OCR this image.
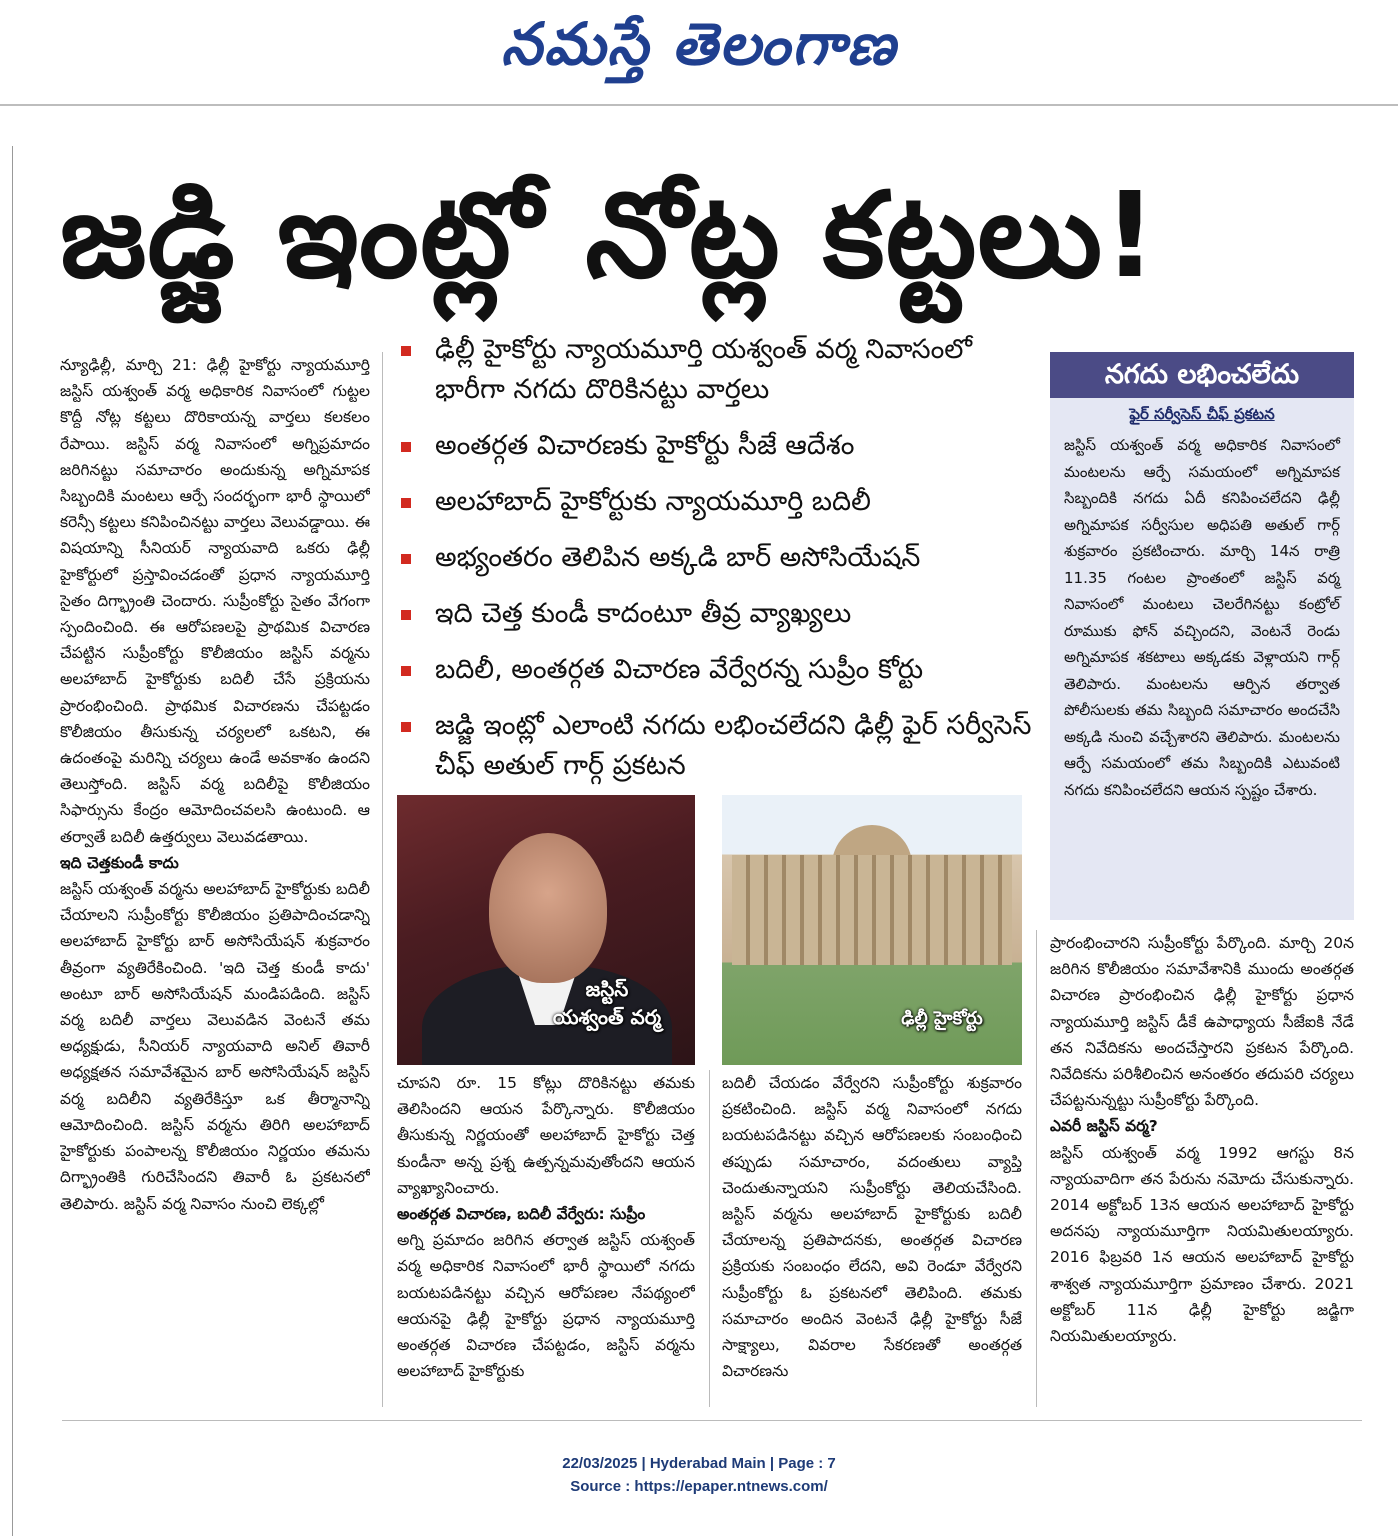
నమస్తే తెలంగాణ
జడ్జి ఇంట్లో నోట్ల కట్టలు!

న్యూఢిల్లీ, మార్చి 21: ఢిల్లీ హైకోర్టు న్యాయమూర్తి జస్టిస్ యశ్వంత్ వర్మ అధికారిక నివాసంలో గుట్టల కొద్దీ నోట్ల కట్టలు దొరికాయన్న వార్తలు కలకలం రేపాయి. జస్టిస్ వర్మ నివాసంలో అగ్నిప్రమాదం జరిగినట్టు సమాచారం అందుకున్న అగ్నిమాపక సిబ్బందికి మంటలు ఆర్పే సందర్భంగా భారీ స్థాయిలో కరెన్సీ కట్టలు కనిపించినట్టు వార్తలు వెలువడ్డాయి. ఈ విషయాన్ని సీనియర్ న్యాయవాది ఒకరు ఢిల్లీ హైకోర్టులో ప్రస్తావించడంతో ప్రధాన న్యాయమూర్తి సైతం దిగ్భ్రాంతి చెందారు. సుప్రీంకోర్టు సైతం వేగంగా స్పందించింది. ఈ ఆరోపణలపై ప్రాథమిక విచారణ చేపట్టిన సుప్రీంకోర్టు కొలీజియం జస్టిస్ వర్మను అలహాబాద్ హైకోర్టుకు బదిలీ చేసే ప్రక్రియను ప్రారంభించింది. ప్రాథమిక విచారణను చేపట్టడం కొలీజియం తీసుకున్న చర్యలలో ఒకటని, ఈ ఉదంతంపై మరిన్ని చర్యలు ఉండే అవకాశం ఉందని తెలుస్తోంది. జస్టిస్ వర్మ బదిలీపై కొలీజియం సిఫార్సును కేంద్రం ఆమోదించవలసి ఉంటుంది. ఆ తర్వాతే బదిలీ ఉత్తర్వులు వెలువడతాయి.

ఇది చెత్తకుండీ కాదు

జస్టిస్ యశ్వంత్ వర్మను అలహాబాద్ హైకోర్టుకు బదిలీ చేయాలని సుప్రీంకోర్టు కొలీజియం ప్రతిపాదించడాన్ని అలహాబాద్ హైకోర్టు బార్ అసోసియేషన్ శుక్రవారం తీవ్రంగా వ్యతిరేకించింది. 'ఇది చెత్త కుండీ కాదు' అంటూ బార్ అసోసియేషన్ మండిపడింది. జస్టిస్ వర్మ బదిలీ వార్తలు వెలువడిన వెంటనే తమ అధ్యక్షుడు, సీనియర్ న్యాయవాది అనిల్ తివారీ అధ్యక్షతన సమావేశమైన బార్ అసోసియేషన్ జస్టిస్ వర్మ బదిలీని వ్యతిరేకిస్తూ ఒక తీర్మానాన్ని ఆమోదించింది. జస్టిస్ వర్మను తిరిగి అలహాబాద్ హైకోర్టుకు పంపాలన్న కొలీజియం నిర్ణయం తమను దిగ్భ్రాంతికి గురిచేసిందని తివారీ ఓ ప్రకటనలో తెలిపారు. జస్టిస్ వర్మ నివాసం నుంచి లెక్కల్లో

ఢిల్లీ హైకోర్టు న్యాయమూర్తి యశ్వంత్ వర్మ నివాసంలో భారీగా నగదు దొరికినట్టు వార్తలు
అంతర్గత విచారణకు హైకోర్టు సీజే ఆదేశం
అలహాబాద్ హైకోర్టుకు న్యాయమూర్తి బదిలీ
అభ్యంతరం తెలిపిన అక్కడి బార్ అసోసియేషన్
ఇది చెత్త కుండీ కాదంటూ తీవ్ర వ్యాఖ్యలు
బదిలీ, అంతర్గత విచారణ వేర్వేరన్న సుప్రీం కోర్టు
జడ్జి ఇంట్లో ఎలాంటి నగదు లభించలేదని ఢిల్లీ ఫైర్ సర్వీసెస్ చీఫ్ అతుల్ గార్గ్ ప్రకటన
జస్టిస్
యశ్వంత్ వర్మ	ఢిల్లీ హైకోర్టు

చూపని రూ. 15 కోట్లు దొరికినట్టు తమకు తెలిసిందని ఆయన పేర్కొన్నారు. కొలీజియం తీసుకున్న నిర్ణయంతో అలహాబాద్ హైకోర్టు చెత్త కుండీనా అన్న ప్రశ్న ఉత్పన్నమవుతోందని ఆయన వ్యాఖ్యానించారు.

అంతర్గత విచారణ, బదిలీ వేర్వేరు: సుప్రీం

అగ్ని ప్రమాదం జరిగిన తర్వాత జస్టిస్ యశ్వంత్ వర్మ అధికారిక నివాసంలో భారీ స్థాయిలో నగదు బయటపడినట్టు వచ్చిన ఆరోపణల నేపథ్యంలో ఆయనపై ఢిల్లీ హైకోర్టు ప్రధాన న్యాయమూర్తి అంతర్గత విచారణ చేపట్టడం, జస్టిస్ వర్మను అలహాబాద్ హైకోర్టుకు

బదిలీ చేయడం వేర్వేరని సుప్రీంకోర్టు శుక్రవారం ప్రకటించింది. జస్టిస్ వర్మ నివాసంలో నగదు బయటపడినట్టు వచ్చిన ఆరోపణలకు సంబంధించి తప్పుడు సమాచారం, వదంతులు వ్యాప్తి చెందుతున్నాయని సుప్రీంకోర్టు తెలియచేసింది. జస్టిస్ వర్మను అలహాబాద్ హైకోర్టుకు బదిలీ చేయాలన్న ప్రతిపాదనకు, అంతర్గత విచారణ ప్రక్రియకు సంబంధం లేదని, అవి రెండూ వేర్వేరని సుప్రీంకోర్టు ఓ ప్రకటనలో తెలిపింది. తమకు సమాచారం అందిన వెంటనే ఢిల్లీ హైకోర్టు సీజే సాక్ష్యాలు, వివరాల సేకరణతో అంతర్గత విచారణను

నగదు లభించలేదు
ఫైర్ సర్వీసెస్ చీఫ్ ప్రకటన
జస్టిస్ యశ్వంత్ వర్మ అధికారిక నివాసంలో మంటలను ఆర్పే సమయంలో అగ్నిమాపక సిబ్బందికి నగదు ఏదీ కనిపించలేదని ఢిల్లీ అగ్నిమాపక సర్వీసుల అధిపతి అతుల్ గార్గ్ శుక్రవారం ప్రకటించారు. మార్చి 14న రాత్రి 11.35 గంటల ప్రాంతంలో జస్టిస్ వర్మ నివాసంలో మంటలు చెలరేగినట్టు కంట్రోల్ రూముకు ఫోన్ వచ్చిందని, వెంటనే రెండు అగ్నిమాపక శకటాలు అక్కడకు వెళ్లాయని గార్గ్ తెలిపారు. మంటలను ఆర్పిన తర్వాత పోలీసులకు తమ సిబ్బంది సమాచారం అందచేసి అక్కడి నుంచి వచ్చేశారని తెలిపారు. మంటలను ఆర్పే సమయంలో తమ సిబ్బందికి ఎటువంటి నగదు కనిపించలేదని ఆయన స్పష్టం చేశారు.

ప్రారంభించారని సుప్రీంకోర్టు పేర్కొంది. మార్చి 20న జరిగిన కొలీజియం సమావేశానికి ముందు అంతర్గత విచారణ ప్రారంభించిన ఢిల్లీ హైకోర్టు ప్రధాన న్యాయమూర్తి జస్టిస్ డీకే ఉపాధ్యాయ సీజేఐకి నేడే తన నివేదికను అందచేస్తారని ప్రకటన పేర్కొంది. నివేదికను పరిశీలించిన అనంతరం తదుపరి చర్యలు చేపట్టనున్నట్టు సుప్రీంకోర్టు పేర్కొంది.

ఎవరీ జస్టిస్ వర్మ?

జస్టిస్ యశ్వంత్ వర్మ 1992 ఆగస్టు 8న న్యాయవాదిగా తన పేరును నమోదు చేసుకున్నారు. 2014 అక్టోబర్ 13న ఆయన అలహాబాద్ హైకోర్టు అదనపు న్యాయమూర్తిగా నియమితులయ్యారు. 2016 ఫిబ్రవరి 1న ఆయన అలహాబాద్ హైకోర్టు శాశ్వత న్యాయమూర్తిగా ప్రమాణం చేశారు. 2021 అక్టోబర్ 11న ఢిల్లీ హైకోర్టు జడ్జిగా నియమితులయ్యారు.

22/03/2025 | Hyderabad Main | Page : 7
Source : https://epaper.ntnews.com/
